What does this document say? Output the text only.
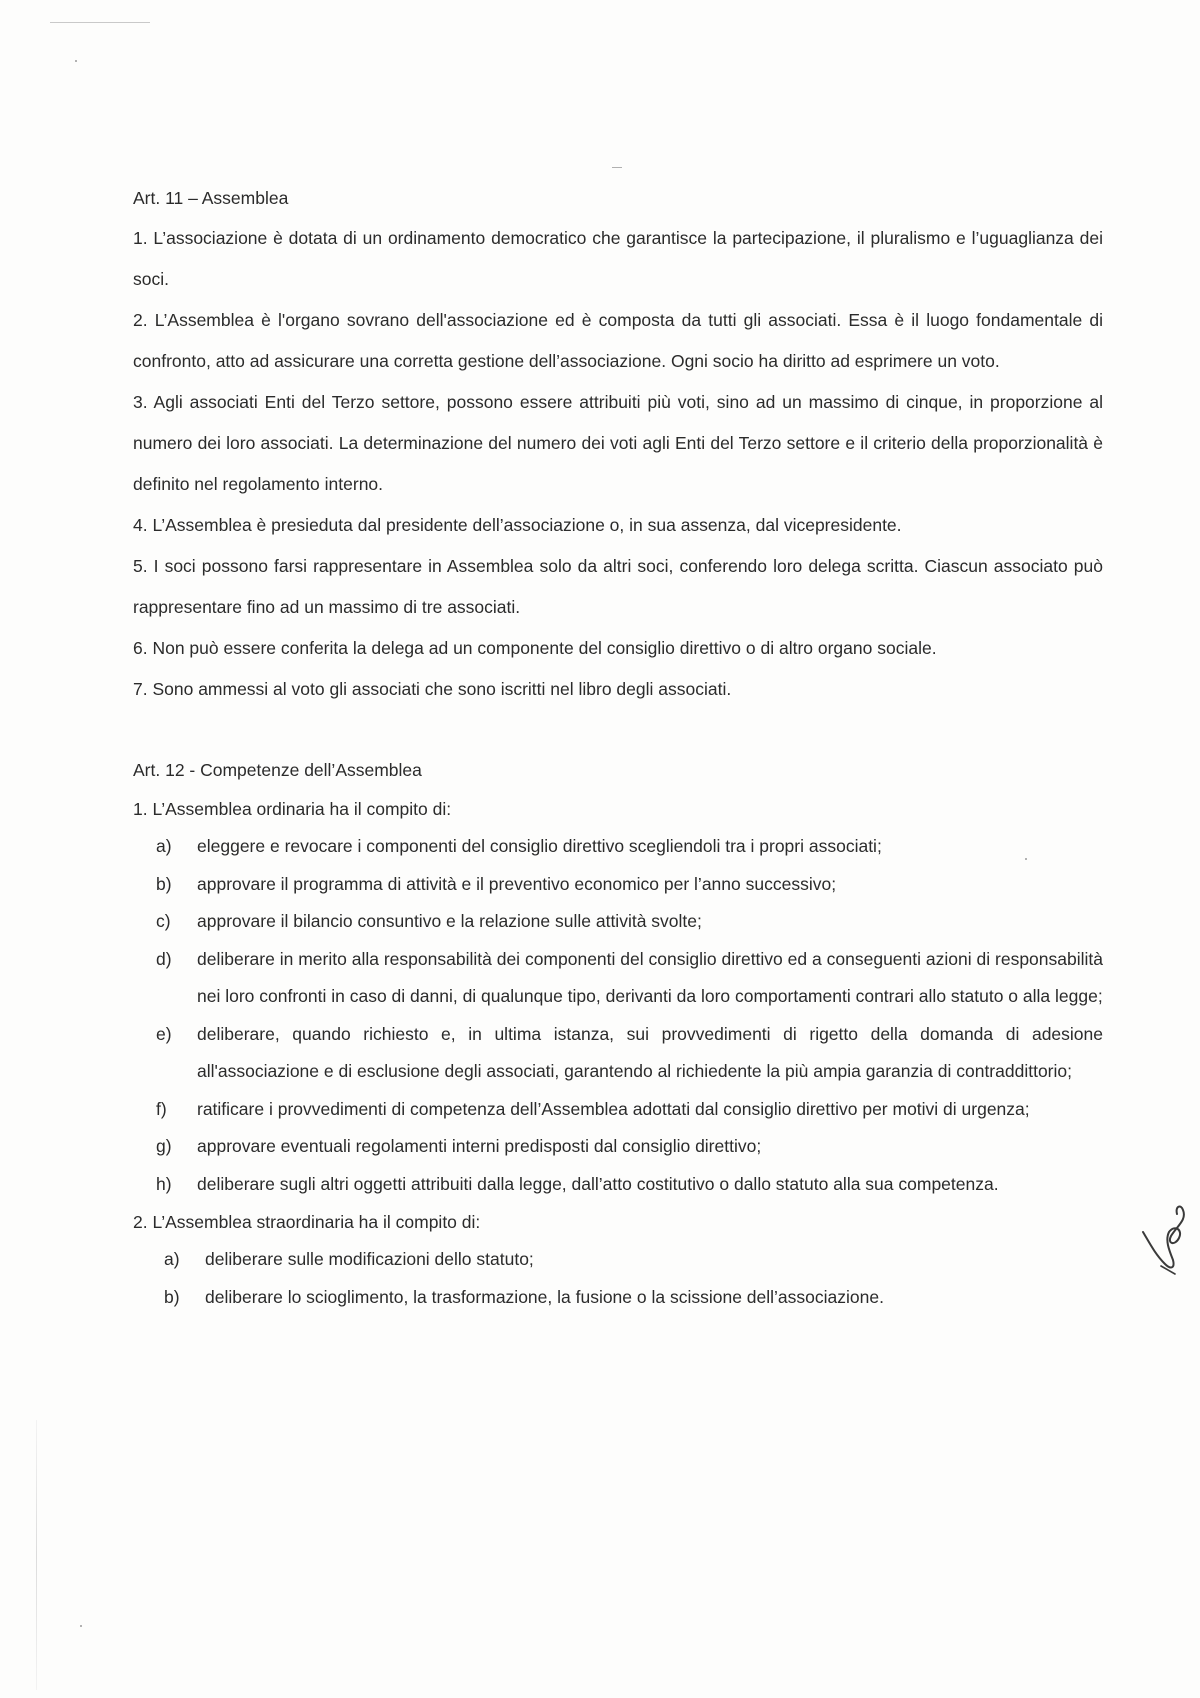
Art. 11 – Assemblea

1. L’associazione è dotata di un ordinamento democratico che garantisce la partecipazione, il pluralismo e l’uguaglianza dei soci.

2. L’Assemblea è l'organo sovrano dell'associazione ed è composta da tutti gli associati. Essa è il luogo fondamentale di confronto, atto ad assicurare una corretta gestione dell’associazione. Ogni socio ha diritto ad esprimere un voto.

3. Agli associati Enti del Terzo settore, possono essere attribuiti più voti, sino ad un massimo di cinque, in proporzione al numero dei loro associati. La determinazione del numero dei voti agli Enti del Terzo settore e il criterio della proporzionalità è definito nel regolamento interno.

4. L’Assemblea è presieduta dal presidente dell’associazione o, in sua assenza, dal vicepresidente.

5. I soci possono farsi rappresentare in Assemblea solo da altri soci, conferendo loro delega scritta. Ciascun associato può rappresentare fino ad un massimo di tre associati.

6. Non può essere conferita la delega ad un componente del consiglio direttivo o di altro organo sociale.

7. Sono ammessi al voto gli associati che sono iscritti nel libro degli associati.

Art. 12 - Competenze dell’Assemblea

1. L’Assemblea ordinaria ha il compito di:

a) eleggere e revocare i componenti del consiglio direttivo scegliendoli tra i propri associati;
b) approvare il programma di attività e il preventivo economico per l’anno successivo;
c) approvare il bilancio consuntivo e la relazione sulle attività svolte;
d) deliberare in merito alla responsabilità dei componenti del consiglio direttivo ed a conseguenti azioni di responsabilità nei loro confronti in caso di danni, di qualunque tipo, derivanti da loro comportamenti contrari allo statuto o alla legge;
e) deliberare, quando richiesto e, in ultima istanza, sui provvedimenti di rigetto della domanda di adesione all'associazione e di esclusione degli associati, garantendo al richiedente la più ampia garanzia di contraddittorio;
f) ratificare i provvedimenti di competenza dell’Assemblea adottati dal consiglio direttivo per motivi di urgenza;
g) approvare eventuali regolamenti interni predisposti dal consiglio direttivo;
h) deliberare sugli altri oggetti attribuiti dalla legge, dall’atto costitutivo o dallo statuto alla sua competenza.

2. L’Assemblea straordinaria ha il compito di:

a) deliberare sulle modificazioni dello statuto;
b) deliberare lo scioglimento, la trasformazione, la fusione o la scissione dell’associazione.
